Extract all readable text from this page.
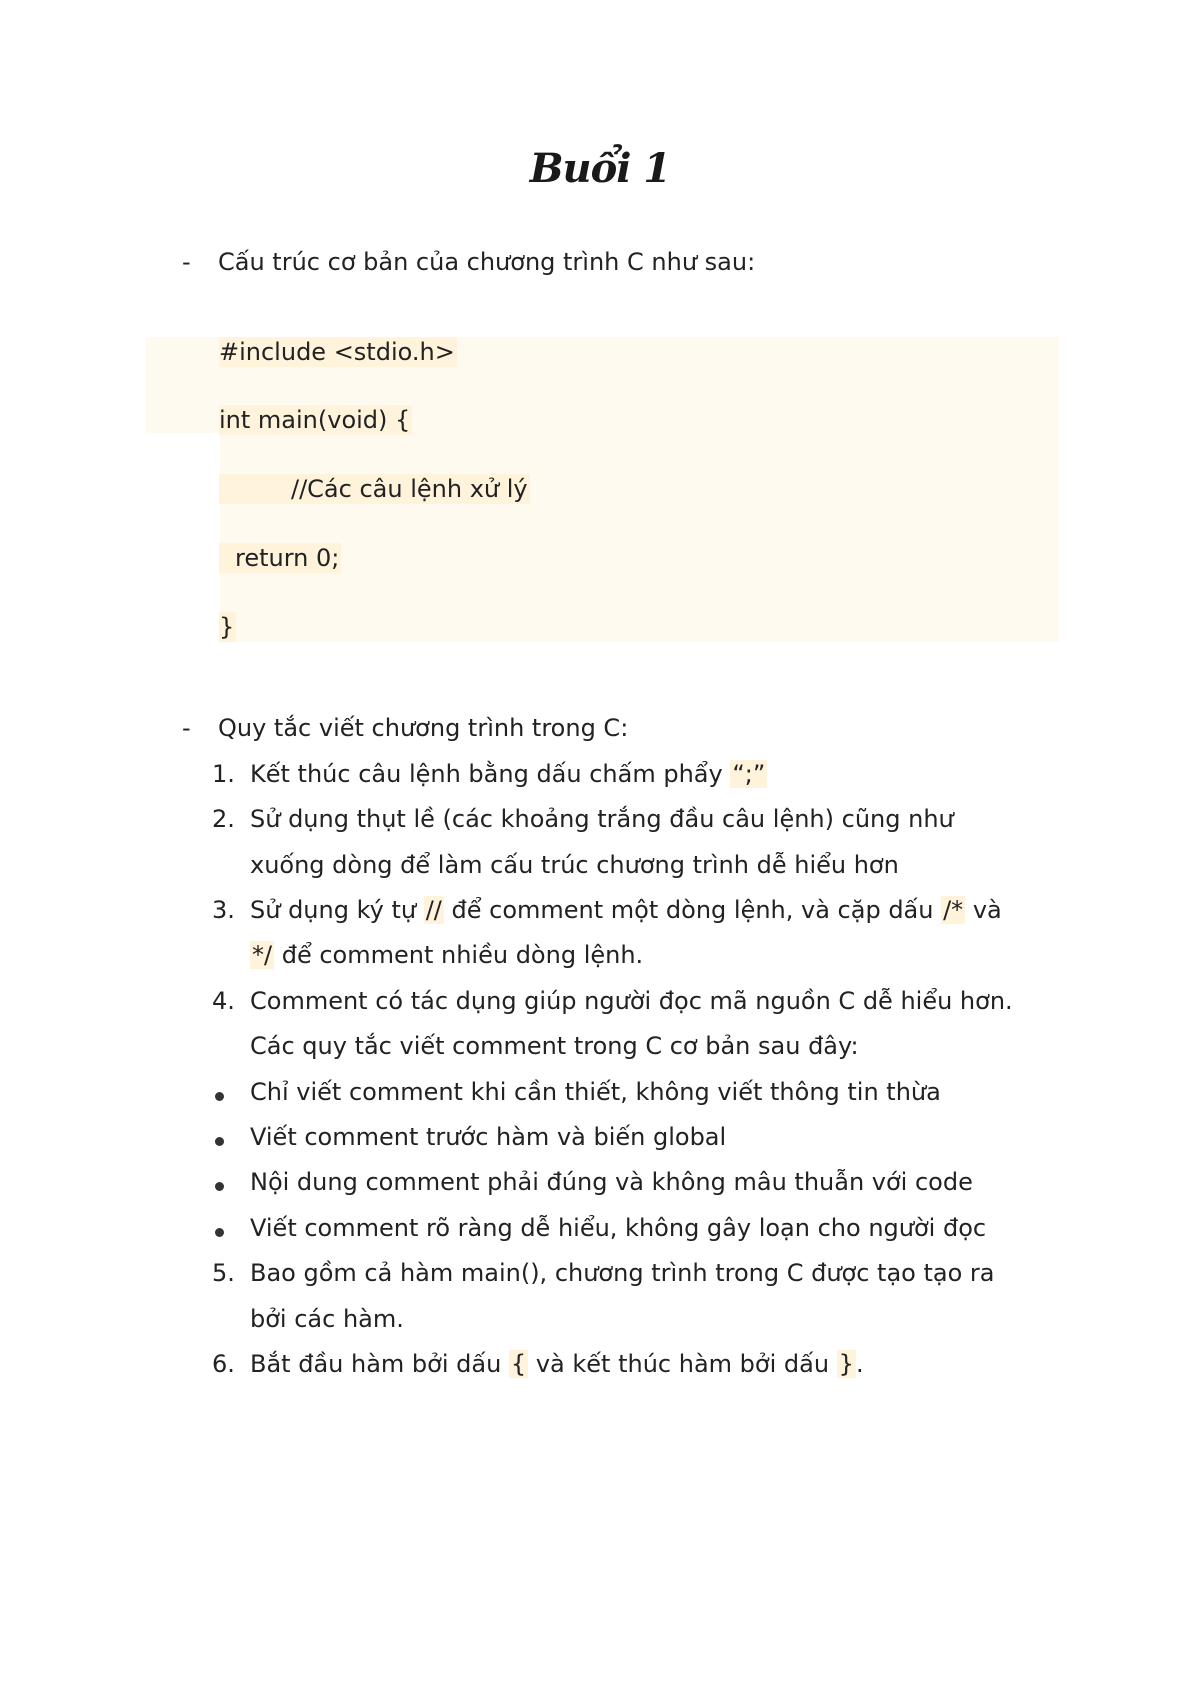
Buổi 1
- Cấu trúc cơ bản của chương trình C như sau:
#include <stdio.h>
int main(void) {
//Các câu lệnh xử lý
return 0;
}
- Quy tắc viết chương trình trong C:
1. Kết thúc câu lệnh bằng dấu chấm phẩy “;”
2. Sử dụng thụt lề (các khoảng trắng đầu câu lệnh) cũng như
xuống dòng để làm cấu trúc chương trình dễ hiểu hơn
3. Sử dụng ký tự // để comment một dòng lệnh, và cặp dấu /* và
*/ để comment nhiều dòng lệnh.
4. Comment có tác dụng giúp người đọc mã nguồn C dễ hiểu hơn.
Các quy tắc viết comment trong C cơ bản sau đây:
Chỉ viết comment khi cần thiết, không viết thông tin thừa
Viết comment trước hàm và biến global
Nội dung comment phải đúng và không mâu thuẫn với code
Viết comment rõ ràng dễ hiểu, không gây loạn cho người đọc
5. Bao gồm cả hàm main(), chương trình trong C được tạo tạo ra
bởi các hàm.
6. Bắt đầu hàm bởi dấu { và kết thúc hàm bởi dấu }.
